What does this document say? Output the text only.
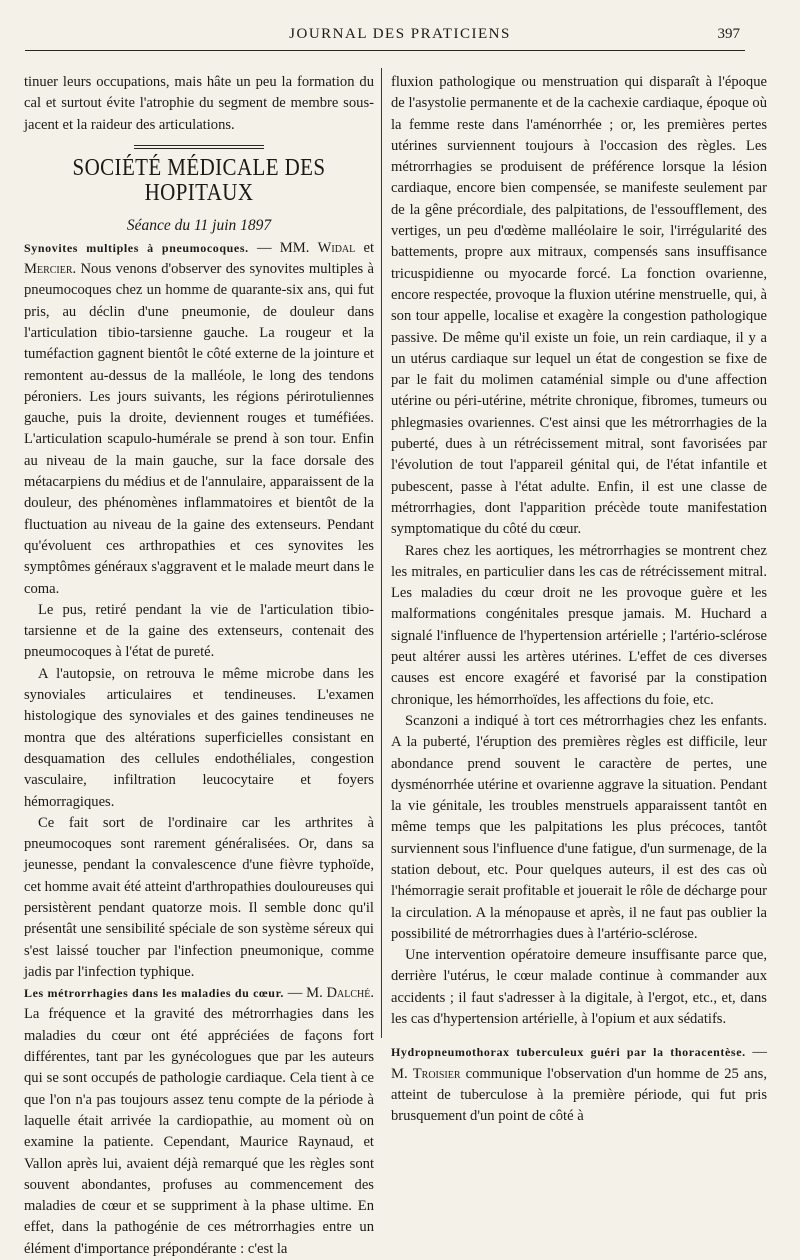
JOURNAL DES PRATICIENS	397

tinuer leurs occupations, mais hâte un peu la formation du cal et surtout évite l'atrophie du segment de membre sous-jacent et la raideur des articulations.

SOCIÉTÉ MÉDICALE DES HOPITAUX
Séance du 11 juin 1897

Synovites multiples à pneumocoques. — MM. Widal et Mercier. Nous venons d'observer des synovites multiples à pneumocoques chez un homme de quarante-six ans, qui fut pris, au déclin d'une pneumonie, de douleur dans l'articulation tibio-tarsienne gauche. La rougeur et la tuméfaction gagnent bientôt le côté externe de la jointure et remontent au-dessus de la malléole, le long des tendons péroniers. Les jours suivants, les régions périrotuliennes gauche, puis la droite, deviennent rouges et tuméfiées. L'articulation scapulo-humérale se prend à son tour. Enfin au niveau de la main gauche, sur la face dorsale des métacarpiens du médius et de l'annulaire, apparaissent de la douleur, des phénomènes inflammatoires et bientôt de la fluctuation au niveau de la gaine des extenseurs. Pendant qu'évoluent ces arthropathies et ces synovites les symptômes généraux s'aggravent et le malade meurt dans le coma.

Le pus, retiré pendant la vie de l'articulation tibio-tarsienne et de la gaine des extenseurs, contenait des pneumocoques à l'état de pureté.

A l'autopsie, on retrouva le même microbe dans les synoviales articulaires et tendineuses. L'examen histologique des synoviales et des gaines tendineuses ne montra que des altérations superficielles consistant en desquamation des cellules endothéliales, congestion vasculaire, infiltration leucocytaire et foyers hémorragiques.

Ce fait sort de l'ordinaire car les arthrites à pneumocoques sont rarement généralisées. Or, dans sa jeunesse, pendant la convalescence d'une fièvre typhoïde, cet homme avait été atteint d'arthropathies douloureuses qui persistèrent pendant quatorze mois. Il semble donc qu'il présentât une sensibilité spéciale de son système séreux qui s'est laissé toucher par l'infection pneumonique, comme jadis par l'infection typhique.

Les métrorrhagies dans les maladies du cœur. — M. Dalché. La fréquence et la gravité des métrorrhagies dans les maladies du cœur ont été appréciées de façons fort différentes, tant par les gynécologues que par les auteurs qui se sont occupés de pathologie cardiaque. Cela tient à ce que l'on n'a pas toujours assez tenu compte de la période à laquelle était arrivée la cardiopathie, au moment où on examine la patiente. Cependant, Maurice Raynaud, et Vallon après lui, avaient déjà remarqué que les règles sont souvent abondantes, profuses au commencement des maladies de cœur et se suppriment à la phase ultime. En effet, dans la pathogénie de ces métrorrhagies entre un élément d'importance prépondérante : c'est la

fluxion pathologique ou menstruation qui disparaît à l'époque de l'asystolie permanente et de la cachexie cardiaque, époque où la femme reste dans l'aménorrhée ; or, les premières pertes utérines surviennent toujours à l'occasion des règles. Les métrorrhagies se produisent de préférence lorsque la lésion cardiaque, encore bien compensée, se manifeste seulement par de la gêne précordiale, des palpitations, de l'essoufflement, des vertiges, un peu d'œdème malléolaire le soir, l'irrégularité des battements, propre aux mitraux, compensés sans insuffisance tricuspidienne ou myocarde forcé. La fonction ovarienne, encore respectée, provoque la fluxion utérine menstruelle, qui, à son tour appelle, localise et exagère la congestion pathologique passive. De même qu'il existe un foie, un rein cardiaque, il y a un utérus cardiaque sur lequel un état de congestion se fixe de par le fait du molimen cataménial simple ou d'une affection utérine ou péri-utérine, métrite chronique, fibromes, tumeurs ou phlegmasies ovariennes. C'est ainsi que les métrorrhagies de la puberté, dues à un rétrécissement mitral, sont favorisées par l'évolution de tout l'appareil génital qui, de l'état infantile et pubescent, passe à l'état adulte. Enfin, il est une classe de métrorrhagies, dont l'apparition précède toute manifestation symptomatique du côté du cœur.

Rares chez les aortiques, les métrorrhagies se montrent chez les mitrales, en particulier dans les cas de rétrécissement mitral. Les maladies du cœur droit ne les provoque guère et les malformations congénitales presque jamais. M. Huchard a signalé l'influence de l'hypertension artérielle ; l'artério-sclérose peut altérer aussi les artères utérines. L'effet de ces diverses causes est encore exagéré et favorisé par la constipation chronique, les hémorrhoïdes, les affections du foie, etc.

Scanzoni a indiqué à tort ces métrorrhagies chez les enfants. A la puberté, l'éruption des premières règles est difficile, leur abondance prend souvent le caractère de pertes, une dysménorrhée utérine et ovarienne aggrave la situation. Pendant la vie génitale, les troubles menstruels apparaissent tantôt en même temps que les palpitations les plus précoces, tantôt surviennent sous l'influence d'une fatigue, d'un surmenage, de la station debout, etc. Pour quelques auteurs, il est des cas où l'hémorragie serait profitable et jouerait le rôle de décharge pour la circulation. A la ménopause et après, il ne faut pas oublier la possibilité de métrorrhagies dues à l'artério-sclérose.

Une intervention opératoire demeure insuffisante parce que, derrière l'utérus, le cœur malade continue à commander aux accidents ; il faut s'adresser à la digitale, à l'ergot, etc., et, dans les cas d'hypertension artérielle, à l'opium et aux sédatifs.

Hydropneumothorax tuberculeux guéri par la thoracentèse. — M. Troisier communique l'observation d'un homme de 25 ans, atteint de tuberculose à la première période, qui fut pris brusquement d'un point de côté à
